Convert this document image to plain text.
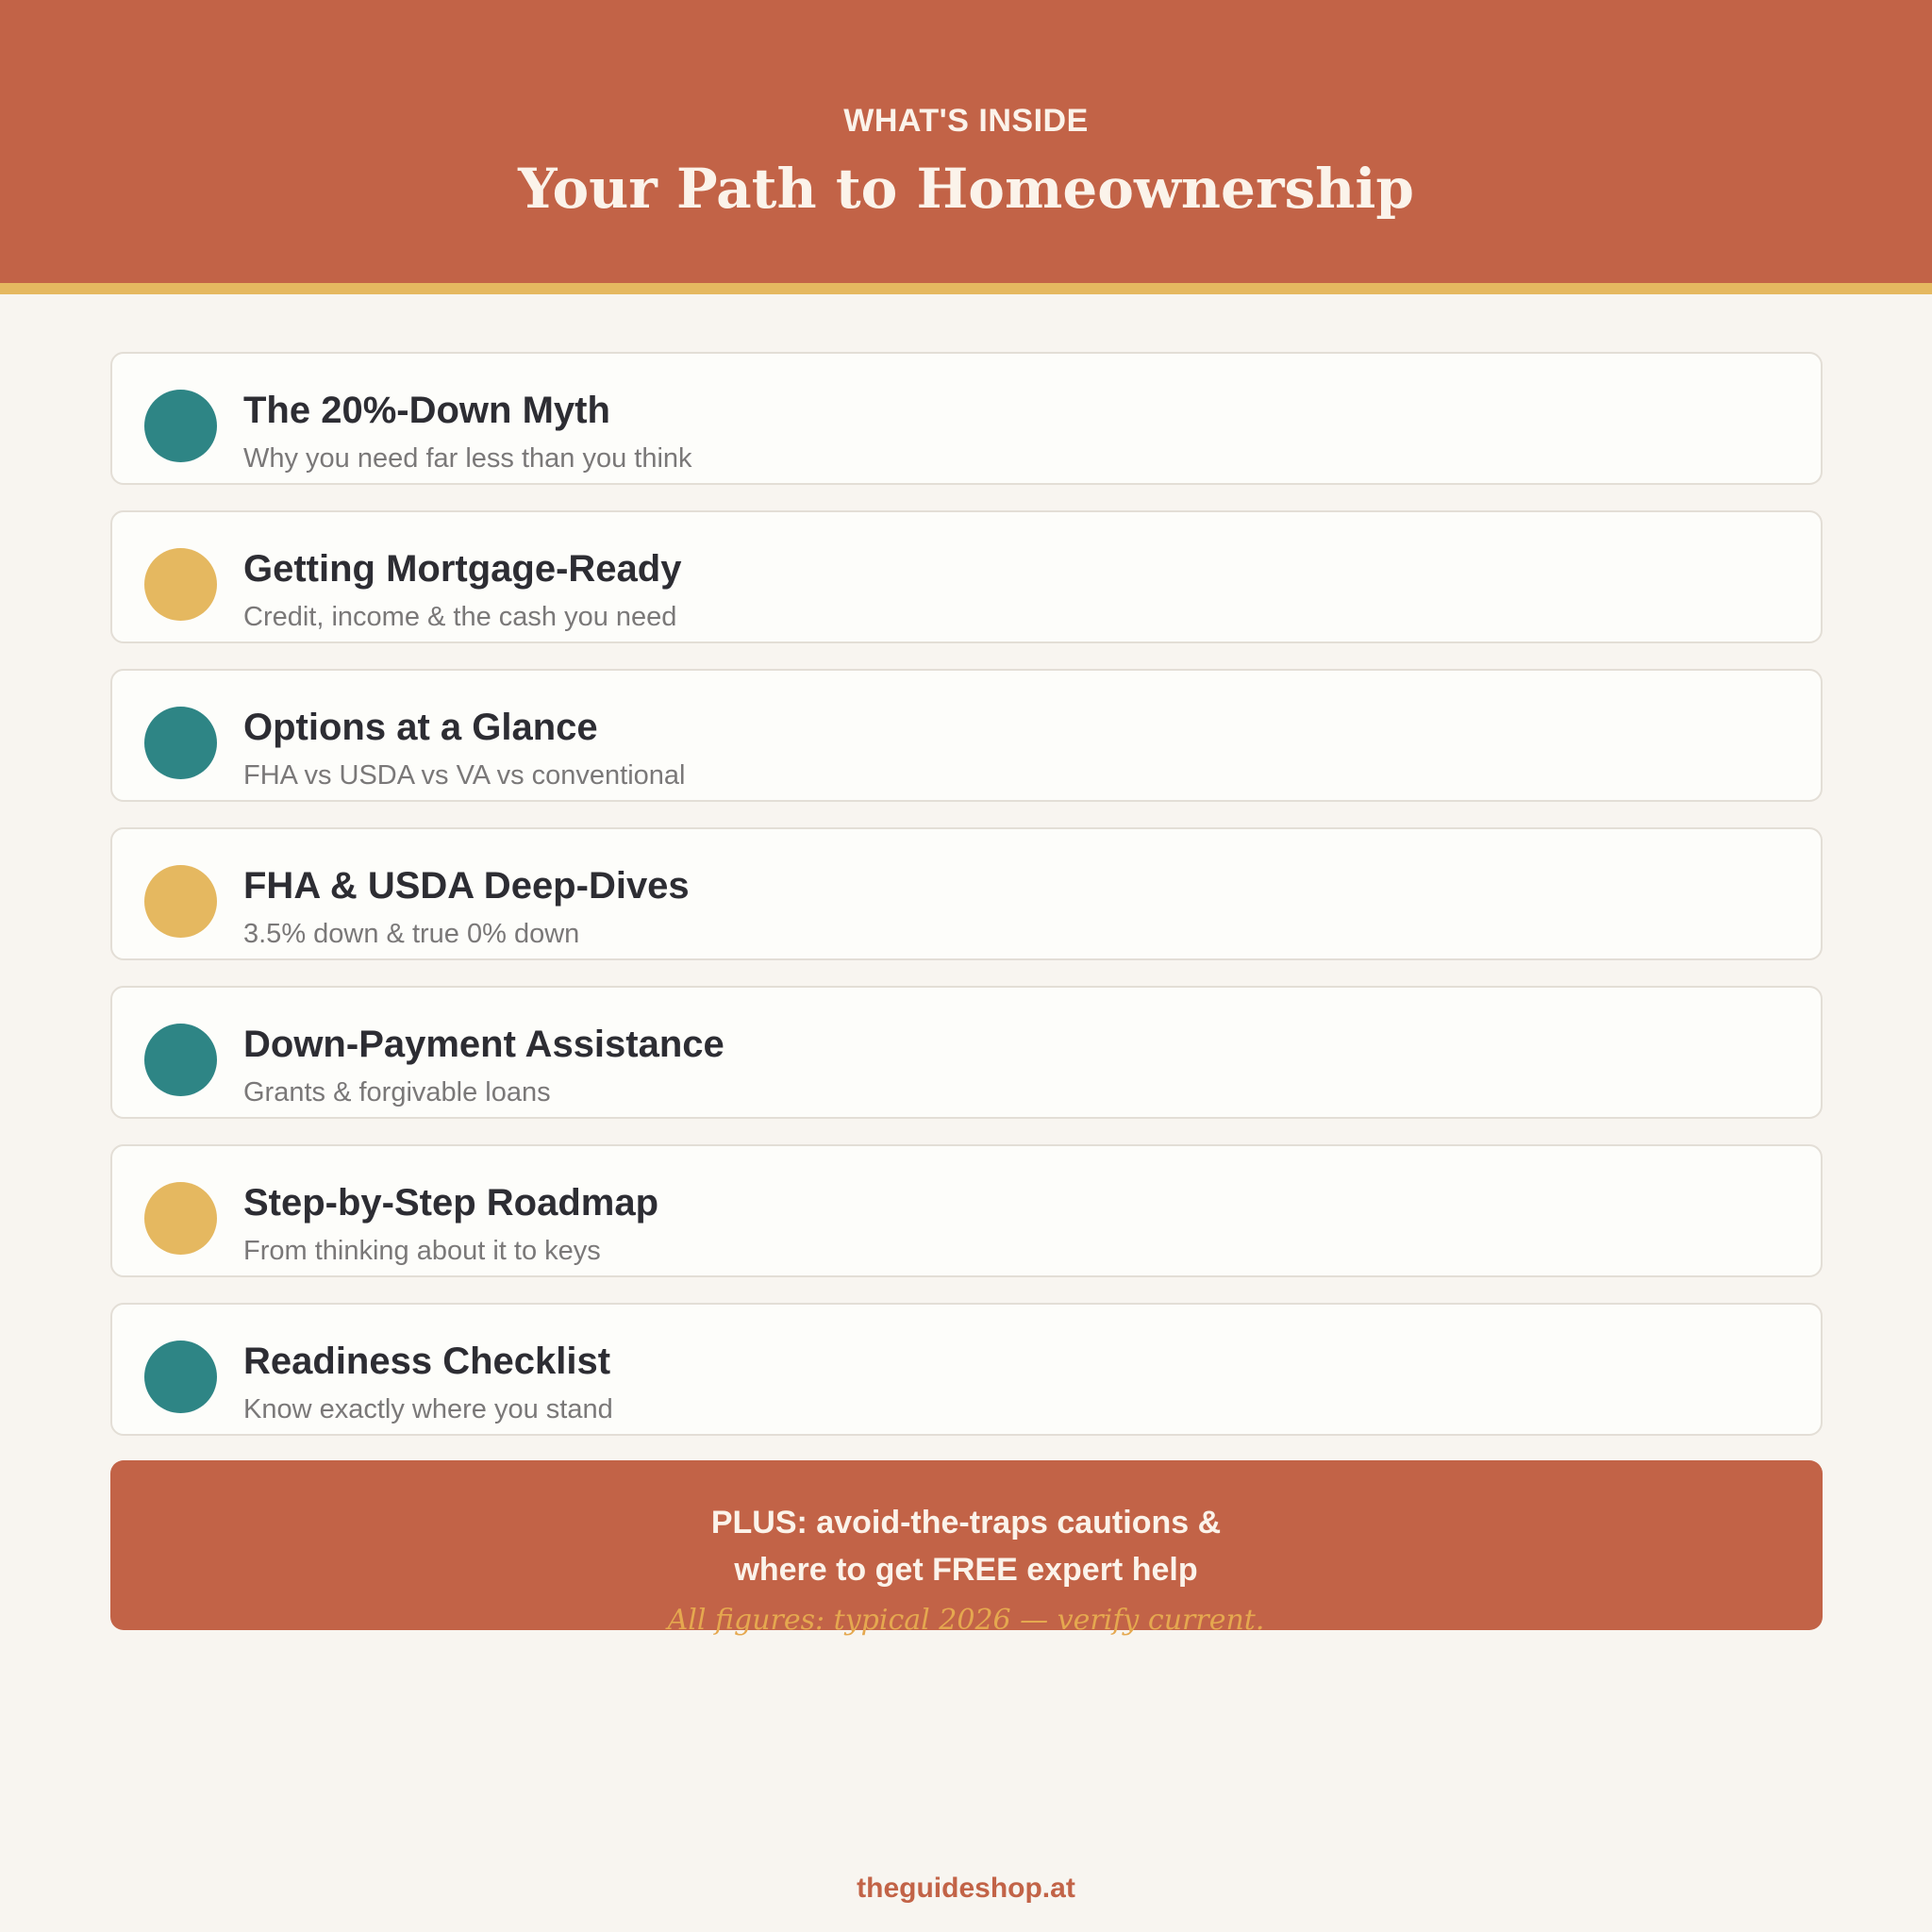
WHAT'S INSIDE
Your Path to Homeownership
The 20%-Down Myth
Why you need far less than you think
Getting Mortgage-Ready
Credit, income & the cash you need
Options at a Glance
FHA vs USDA vs VA vs conventional
FHA & USDA Deep-Dives
3.5% down & true 0% down
Down-Payment Assistance
Grants & forgivable loans
Step-by-Step Roadmap
From thinking about it to keys
Readiness Checklist
Know exactly where you stand
PLUS: avoid-the-traps cautions &
where to get FREE expert help
All figures: typical 2026 — verify current.
theguideshop.at
